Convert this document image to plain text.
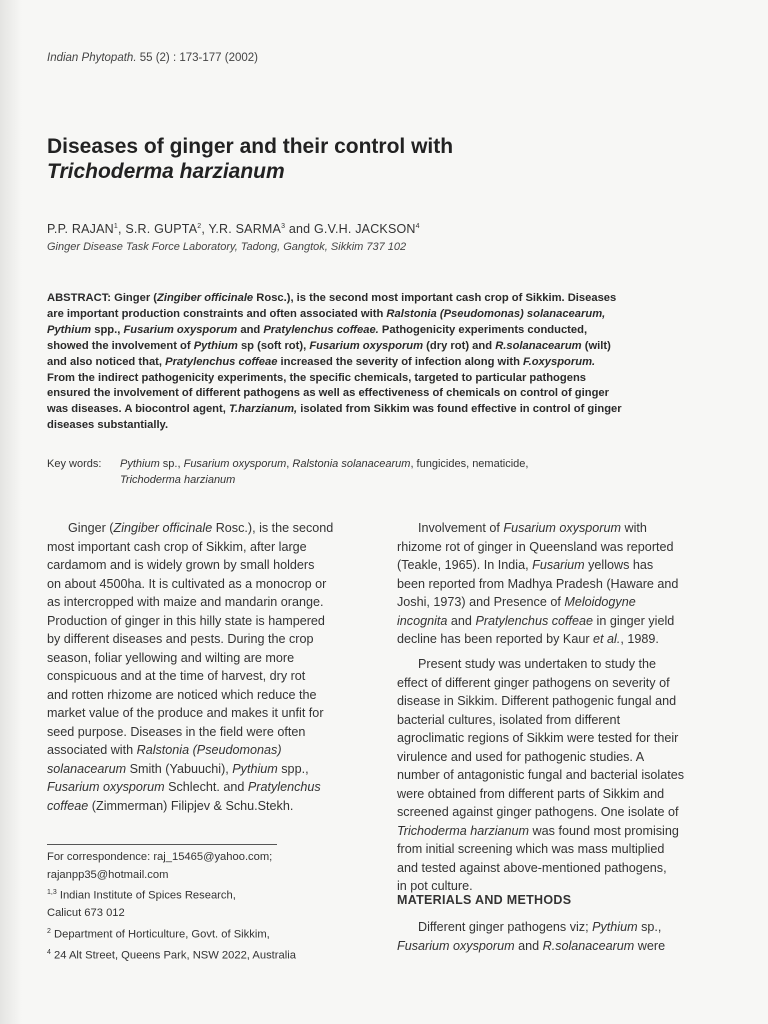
Indian Phytopath. 55 (2) : 173-177 (2002)
Diseases of ginger and their control with
Trichoderma harzianum
P.P. RAJAN$^1$, S.R. GUPTA$^2$, Y.R. SARMA$^3$ and G.V.H. JACKSON$^4$
Ginger Disease Task Force Laboratory, Tadong, Gangtok, Sikkim 737 102
ABSTRACT: Ginger (Zingiber officinale Rosc.), is the second most important cash crop of Sikkim. Diseases
are important production constraints and often associated with Ralstonia (Pseudomonas) solanacearum,
Pythium spp., Fusarium oxysporum and Pratylenchus coffeae. Pathogenicity experiments conducted,
showed the involvement of Pythium sp (soft rot), Fusarium oxysporum (dry rot) and R.solanacearum (wilt)
and also noticed that, Pratylenchus coffeae increased the severity of infection along with F.oxysporum.
From the indirect pathogenicity experiments, the specific chemicals, targeted to particular pathogens
ensured the involvement of different pathogens as well as effectiveness of chemicals on control of ginger
was diseases. A biocontrol agent, T.harzianum, isolated from Sikkim was found effective in control of ginger
diseases substantially.
Key words: Pythium sp., Fusarium oxysporum, Ralstonia solanacearum, fungicides, nematicide,
Trichoderma harzianum
Ginger (Zingiber officinale Rosc.), is the second
most important cash crop of Sikkim, after large
cardamom and is widely grown by small holders
on about 4500ha. It is cultivated as a monocrop or
as intercropped with maize and mandarin orange.
Production of ginger in this hilly state is hampered
by different diseases and pests. During the crop
season, foliar yellowing and wilting are more
conspicuous and at the time of harvest, dry rot
and rotten rhizome are noticed which reduce the
market value of the produce and makes it unfit for
seed purpose. Diseases in the field were often
associated with Ralstonia (Pseudomonas)
solanacearum Smith (Yabuuchi), Pythium spp.,
Fusarium oxysporum Schlecht. and Pratylenchus
coffeae (Zimmerman) Filipjev & Schu.Stekh.
Involvement of Fusarium oxysporum with
rhizome rot of ginger in Queensland was reported
(Teakle, 1965). In India, Fusarium yellows has
been reported from Madhya Pradesh (Haware and
Joshi, 1973) and Presence of Meloidogyne
incognita and Pratylenchus coffeae in ginger yield
decline has been reported by Kaur et al., 1989.
Present study was undertaken to study the
effect of different ginger pathogens on severity of
disease in Sikkim. Different pathogenic fungal and
bacterial cultures, isolated from different
agroclimatic regions of Sikkim were tested for their
virulence and used for pathogenic studies. A
number of antagonistic fungal and bacterial isolates
were obtained from different parts of Sikkim and
screened against ginger pathogens. One isolate of
Trichoderma harzianum was found most promising
from initial screening which was mass multiplied
and tested against above-mentioned pathogens,
in pot culture.
MATERIALS AND METHODS
Different ginger pathogens viz; Pythium sp.,
Fusarium oxysporum and R.solanacearum were
For correspondence: raj_15465@yahoo.com;
rajanpp35@hotmail.com
$^{1,3}$ Indian Institute of Spices Research,
Calicut 673 012
$^2$ Department of Horticulture, Govt. of Sikkim,
$^4$ 24 Alt Street, Queens Park, NSW 2022, Australia
